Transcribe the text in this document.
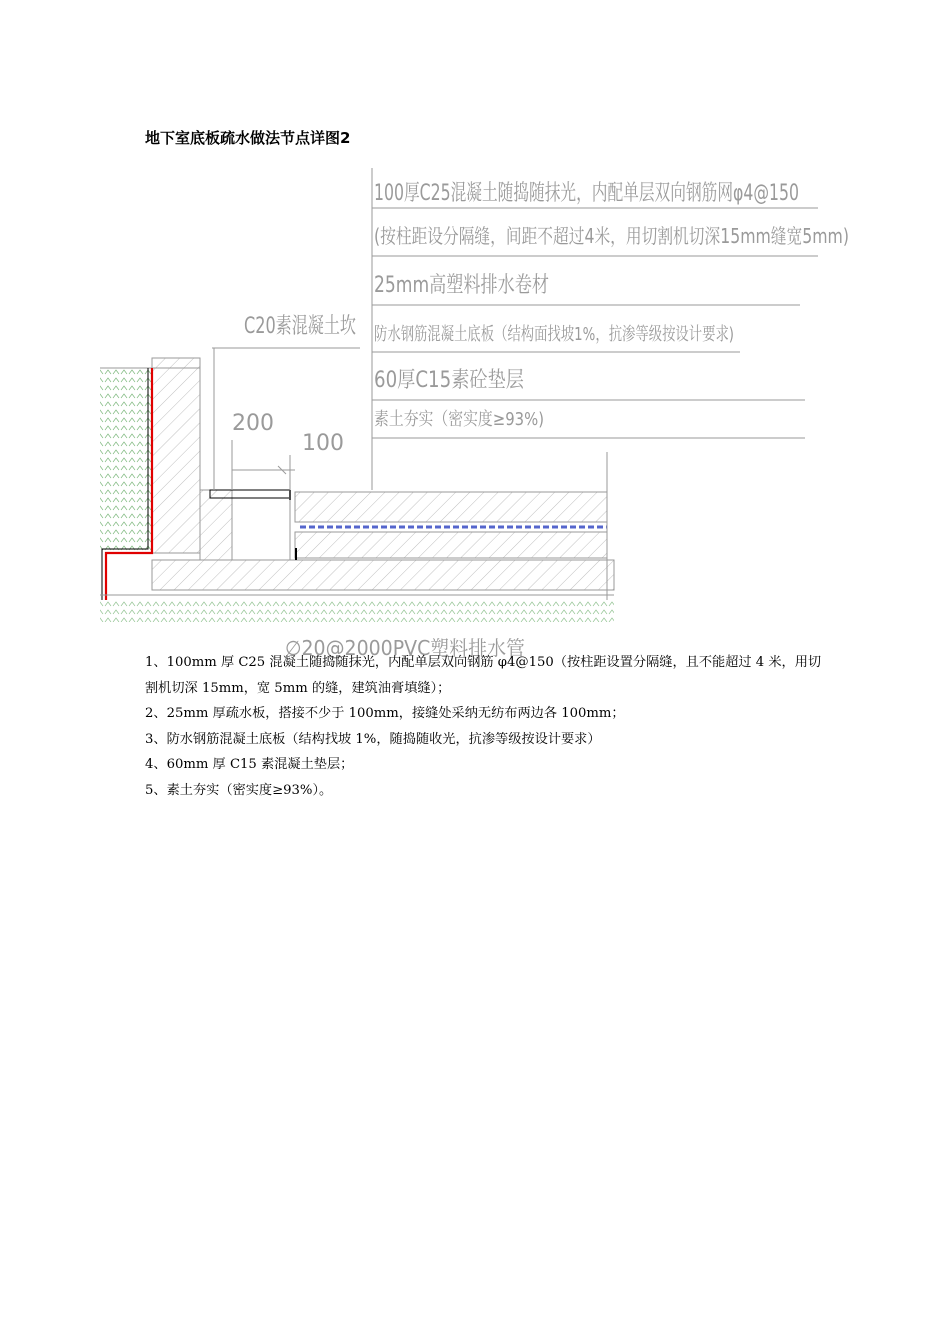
地下室底板疏水做法节点详图2
100厚C25混凝土随捣随抹光，内配单层双向钢筋网φ4@150
(按柱距设分隔缝，间距不超过4米，用切割机切深15mm缝宽5mm)
25mm高塑料排水卷材
防水钢筋混凝土底板（结构面找坡1%，抗渗等级按设计要求)
60厚C15素砼垫层
素土夯实（密实度≥93%)
C20素混凝土坎
200
100
∅20@2000PVC塑料排水管

1、100mm 厚 C25 混凝土随捣随抹光，内配单层双向钢筋 φ4@150（按柱距设置分隔缝，且不能超过 4 米，用切割机切深 15mm，宽 5mm 的缝，建筑油膏填缝）；

2、25mm 厚疏水板，搭接不少于 100mm，接缝处采纳无纺布两边各 100mm；

3、防水钢筋混凝土底板（结构找坡 1%，随捣随收光，抗渗等级按设计要求）

4、60mm 厚 C15 素混凝土垫层；

5、素土夯实（密实度≥93%）。
